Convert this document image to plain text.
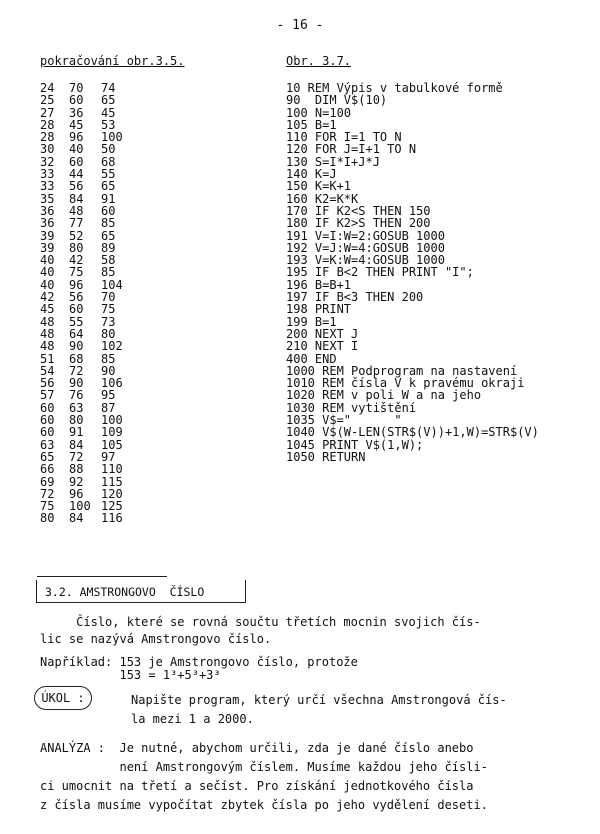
- 16 -
pokračování obr.3.5.	Obr. 3.7.
24	70	74
25	60	65
27	36	45
28	45	53
28	96	100
30	40	50
32	60	68
33	44	55
33	56	65
35	84	91
36	48	60
36	77	85
39	52	65
39	80	89
40	42	58
40	75	85
40	96	104
42	56	70
45	60	75
48	55	73
48	64	80
48	90	102
51	68	85
54	72	90
56	90	106
57	76	95
60	63	87
60	80	100
60	91	109
63	84	105
65	72	97
66	88	110
69	92	115
72	96	120
75	100	125
80	84	116
10 REM Výpis v tabulkové formě
90  DIM V$(10)
100 N=100
105 B=1
110 FOR I=1 TO N
120 FOR J=I+1 TO N
130 S=I*I+J*J
140 K=J
150 K=K+1
160 K2=K*K
170 IF K2<S THEN 150
180 IF K2>S THEN 200
191 V=I:W=2:GOSUB 1000
192 V=J:W=4:GOSUB 1000
193 V=K:W=4:GOSUB 1000
195 IF B<2 THEN PRINT "I";
196 B=B+1
197 IF B<3 THEN 200
198 PRINT
199 B=1
200 NEXT J
210 NEXT I
400 END
1000 REM Podprogram na nastavení
1010 REM čísla V k pravému okraji
1020 REM v poli W a na jeho
1030 REM vytištění
1035 V$="      "
1040 V$(W-LEN(STR$(V))+1,W)=STR$(V)
1045 PRINT V$(1,W);
1050 RETURN
3.2. AMSTRONGOVO  ČÍSLO
Číslo, které se rovná součtu třetích mocnin svojich čís-
lic se nazývá Amstrongovo číslo.
Například: 153 je Amstrongovo číslo, protože
153 = 1³+5³+3³
ÚKOL :	Napište program, který určí všechna Amstrongová čís-
la mezi 1 a 2000.
ANALÝZA :  Je nutné, abychom určili, zda je dané číslo anebo
není Amstrongovým číslem. Musíme každou jeho čísli-
ci umocnit na třetí a sečíst. Pro získání jednotkového čísla
z čísla musíme vypočítat zbytek čísla po jeho vydělení deseti.
